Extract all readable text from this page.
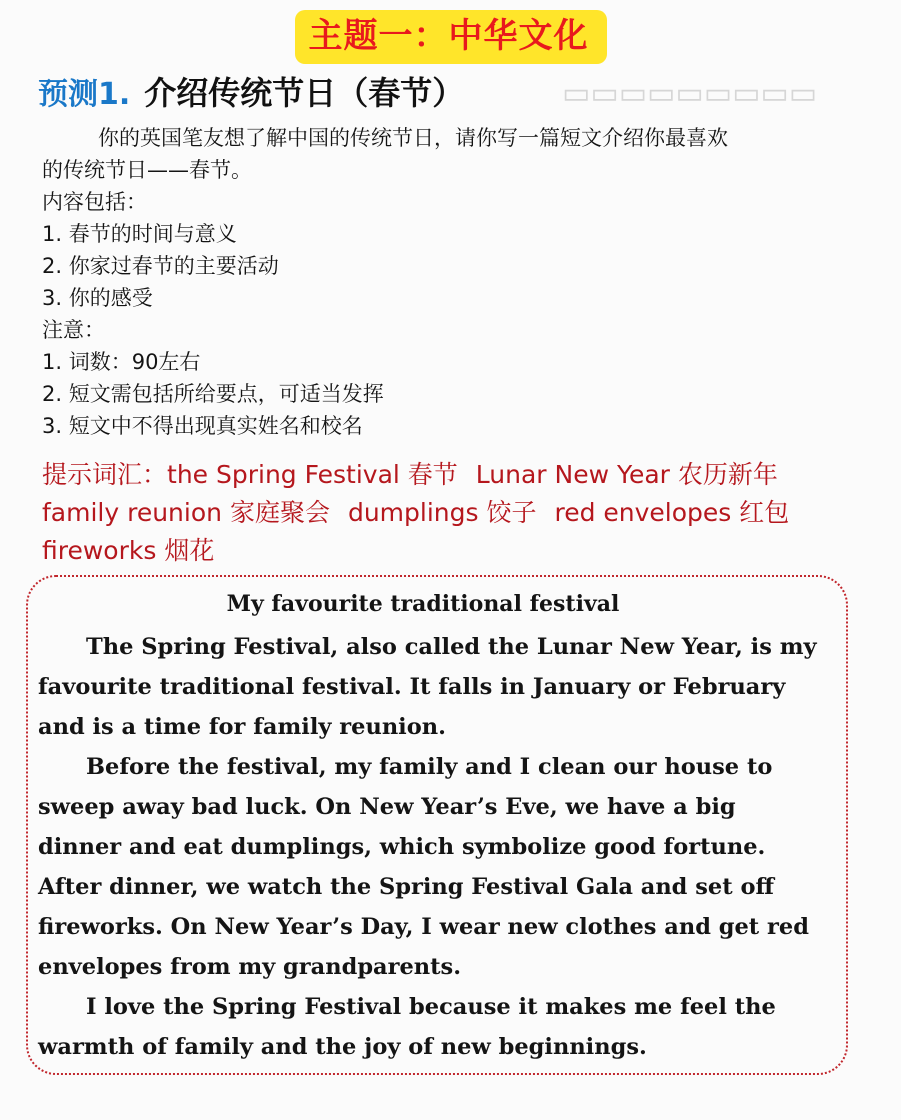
▭▭▭▭▭▭▭▭▭
主题一：中华文化
预测1. 介绍传统节日（春节）

你的英国笔友想了解中国的传统节日，请你写一篇短文介绍你最喜欢

的传统节日——春节。

内容包括：

1. 春节的时间与意义

2. 你家过春节的主要活动

3. 你的感受

注意：

1. 词数：90左右

2. 短文需包括所给要点，可适当发挥

3. 短文中不得出现真实姓名和校名

提示词汇：the Spring Festival 春节 Lunar New Year 农历新年

family reunion 家庭聚会 dumplings 饺子 red envelopes 红包

fireworks 烟花

My favourite traditional festival

The Spring Festival, also called the Lunar New Year, is my

favourite traditional festival. It falls in January or February

and is a time for family reunion.

Before the festival, my family and I clean our house to

sweep away bad luck. On New Year’s Eve, we have a big

dinner and eat dumplings, which symbolize good fortune.

After dinner, we watch the Spring Festival Gala and set off

fireworks. On New Year’s Day, I wear new clothes and get red

envelopes from my grandparents.

I love the Spring Festival because it makes me feel the

warmth of family and the joy of new beginnings.
